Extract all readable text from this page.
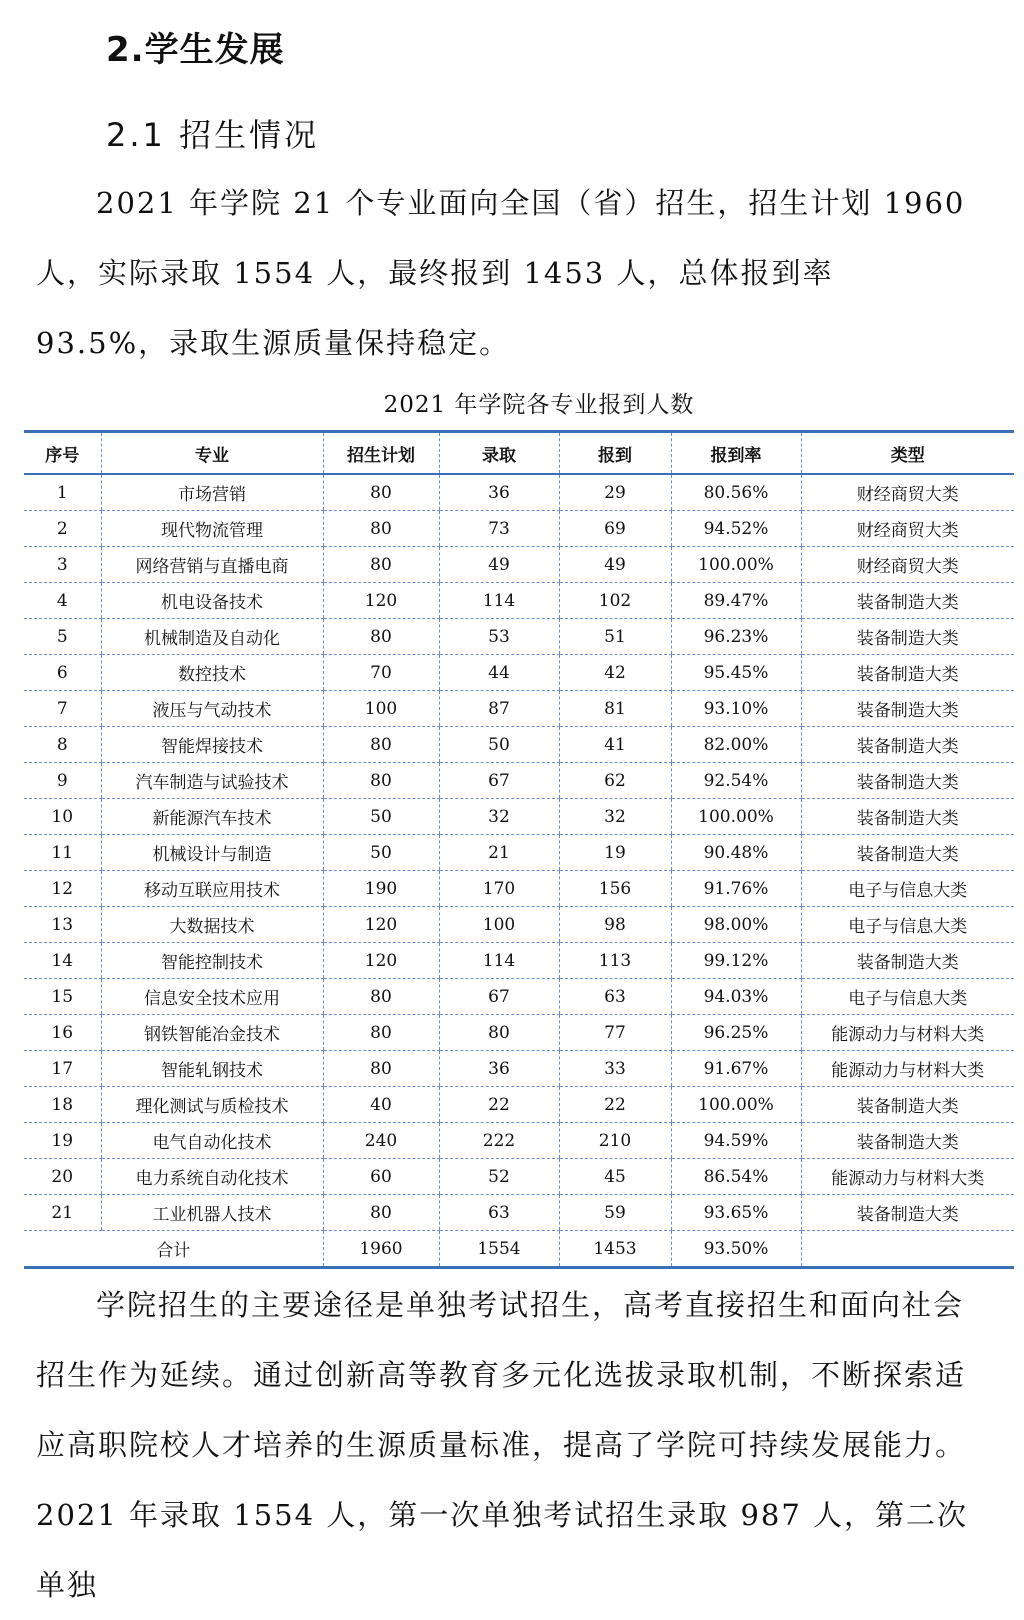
2.学生发展
2.1 招生情况

2021 年学院 21 个专业面向全国（省）招生，招生计划 1960 人，实际录取 1554 人，最终报到 1453 人，总体报到率 93.5%，录取生源质量保持稳定。

2021 年学院各专业报到人数
序号	专业	招生计划	录取	报到	报到率	类型
1	市场营销	80	36	29	80.56%	财经商贸大类
2	现代物流管理	80	73	69	94.52%	财经商贸大类
3	网络营销与直播电商	80	49	49	100.00%	财经商贸大类
4	机电设备技术	120	114	102	89.47%	装备制造大类
5	机械制造及自动化	80	53	51	96.23%	装备制造大类
6	数控技术	70	44	42	95.45%	装备制造大类
7	液压与气动技术	100	87	81	93.10%	装备制造大类
8	智能焊接技术	80	50	41	82.00%	装备制造大类
9	汽车制造与试验技术	80	67	62	92.54%	装备制造大类
10	新能源汽车技术	50	32	32	100.00%	装备制造大类
11	机械设计与制造	50	21	19	90.48%	装备制造大类
12	移动互联应用技术	190	170	156	91.76%	电子与信息大类
13	大数据技术	120	100	98	98.00%	电子与信息大类
14	智能控制技术	120	114	113	99.12%	装备制造大类
15	信息安全技术应用	80	67	63	94.03%	电子与信息大类
16	钢铁智能冶金技术	80	80	77	96.25%	能源动力与材料大类
17	智能轧钢技术	80	36	33	91.67%	能源动力与材料大类
18	理化测试与质检技术	40	22	22	100.00%	装备制造大类
19	电气自动化技术	240	222	210	94.59%	装备制造大类
20	电力系统自动化技术	60	52	45	86.54%	能源动力与材料大类
21	工业机器人技术	80	63	59	93.65%	装备制造大类
合计		1960	1554	1453	93.50%	

学院招生的主要途径是单独考试招生，高考直接招生和面向社会招生作为延续。通过创新高等教育多元化选拔录取机制，不断探索适应高职院校人才培养的生源质量标准，提高了学院可持续发展能力。2021 年录取 1554 人，第一次单独考试招生录取 987 人，第二次单独
